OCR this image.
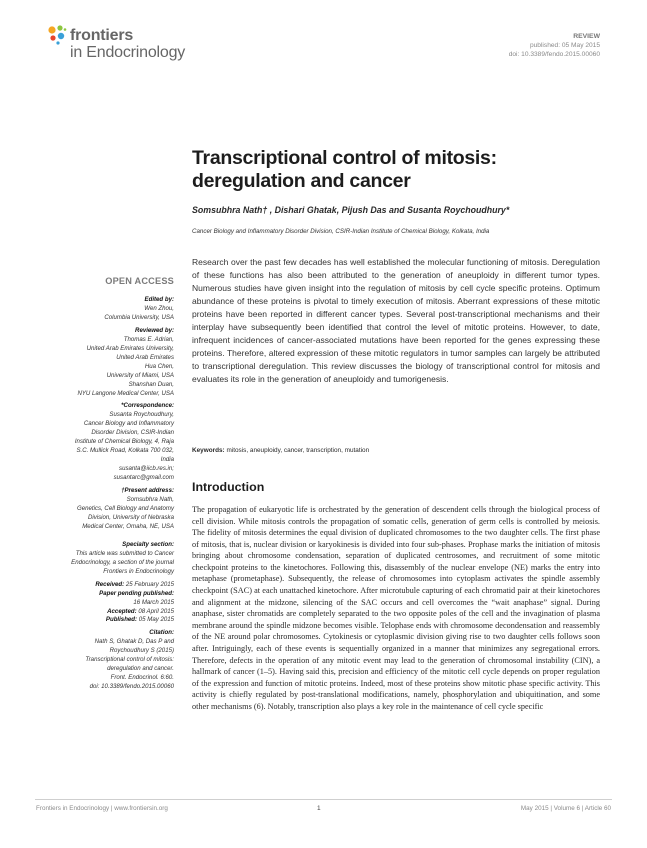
frontiers
in Endocrinology
REVIEW
published: 05 May 2015
doi: 10.3389/fendo.2015.00060
Transcriptional control of mitosis: deregulation and cancer
Somsubhra Nath† , Dishari Ghatak, Pijush Das and Susanta Roychoudhury*
Cancer Biology and Inflammatory Disorder Division, CSIR-Indian Institute of Chemical Biology, Kolkata, India

Research over the past few decades has well established the molecular functioning of mitosis. Deregulation of these functions has also been attributed to the generation of aneuploidy in different tumor types. Numerous studies have given insight into the regulation of mitosis by cell cycle specific proteins. Optimum abundance of these proteins is pivotal to timely execution of mitosis. Aberrant expressions of these mitotic proteins have been reported in different cancer types. Several post-transcriptional mechanisms and their interplay have subsequently been identified that control the level of mitotic proteins. However, to date, infrequent incidences of cancer-associated mutations have been reported for the genes expressing these proteins. Therefore, altered expression of these mitotic regulators in tumor samples can largely be attributed to transcriptional deregulation. This review discusses the biology of transcriptional control for mitosis and evaluates its role in the generation of aneuploidy and tumorigenesis.

Keywords: mitosis, aneuploidy, cancer, transcription, mutation
OPEN ACCESS
Edited by:
Wen Zhou,
Columbia University, USA
Reviewed by:
Thomas E. Adrian,
United Arab Emirates University,
United Arab Emirates
Hua Chen,
University of Miami, USA
Shanshan Duan,
NYU Langone Medical Center, USA
*Correspondence:
Susanta Roychoudhury,
Cancer Biology and Inflammatory
Disorder Division, CSIR-Indian
Institute of Chemical Biology, 4, Raja
S.C. Mullick Road, Kolkata 700 032,
India
susanta@iicb.res.in;
susantarc@gmail.com
†Present address:
Somsubhra Nath,
Genetics, Cell Biology and Anatomy
Division, University of Nebraska
Medical Center, Omaha, NE, USA
Specialty section:
This article was submitted to Cancer
Endocrinology, a section of the journal
Frontiers in Endocrinology
Received: 25 February 2015
Paper pending published:
16 March 2015
Accepted: 08 April 2015
Published: 05 May 2015
Citation:
Nath S, Ghatak D, Das P and
Roychoudhury S (2015)
Transcriptional control of mitosis:
deregulation and cancer.
Front. Endocrinol. 6:60.
doi: 10.3389/fendo.2015.00060
Introduction

The propagation of eukaryotic life is orchestrated by the generation of descendent cells through the biological process of cell division. While mitosis controls the propagation of somatic cells, generation of germ cells is controlled by meiosis. The fidelity of mitosis determines the equal division of duplicated chromosomes to the two daughter cells. The first phase of mitosis, that is, nuclear division or karyokinesis is divided into four sub-phases. Prophase marks the initiation of mitosis bringing about chromosome condensation, separation of duplicated centrosomes, and recruitment of some mitotic checkpoint proteins to the kinetochores. Following this, disassembly of the nuclear envelope (NE) marks the entry into metaphase (prometaphase). Subsequently, the release of chromosomes into cytoplasm activates the spindle assembly checkpoint (SAC) at each unattached kinetochore. After microtubule capturing of each chromatid pair at their kinetochores and alignment at the midzone, silencing of the SAC occurs and cell overcomes the “wait anaphase” signal. During anaphase, sister chromatids are completely separated to the two opposite poles of the cell and the invagination of plasma membrane around the spindle midzone becomes visible. Telophase ends with chromosome decondensation and reassembly of the NE around polar chromosomes. Cytokinesis or cytoplasmic division giving rise to two daughter cells follows soon after. Intriguingly, each of these events is sequentially organized in a manner that minimizes any segregational errors. Therefore, defects in the operation of any mitotic event may lead to the generation of chromosomal instability (CIN), a hallmark of cancer (1–5). Having said this, precision and efficiency of the mitotic cell cycle depends on proper regulation of the expression and function of mitotic proteins. Indeed, most of these proteins show mitotic phase specific activity. This activity is chiefly regulated by post-translational modifications, namely, phosphorylation and ubiquitination, and some other mechanisms (6). Notably, transcription also plays a key role in the maintenance of cell cycle specific

Frontiers in Endocrinology | www.frontiersin.org	1	May 2015 | Volume 6 | Article 60
